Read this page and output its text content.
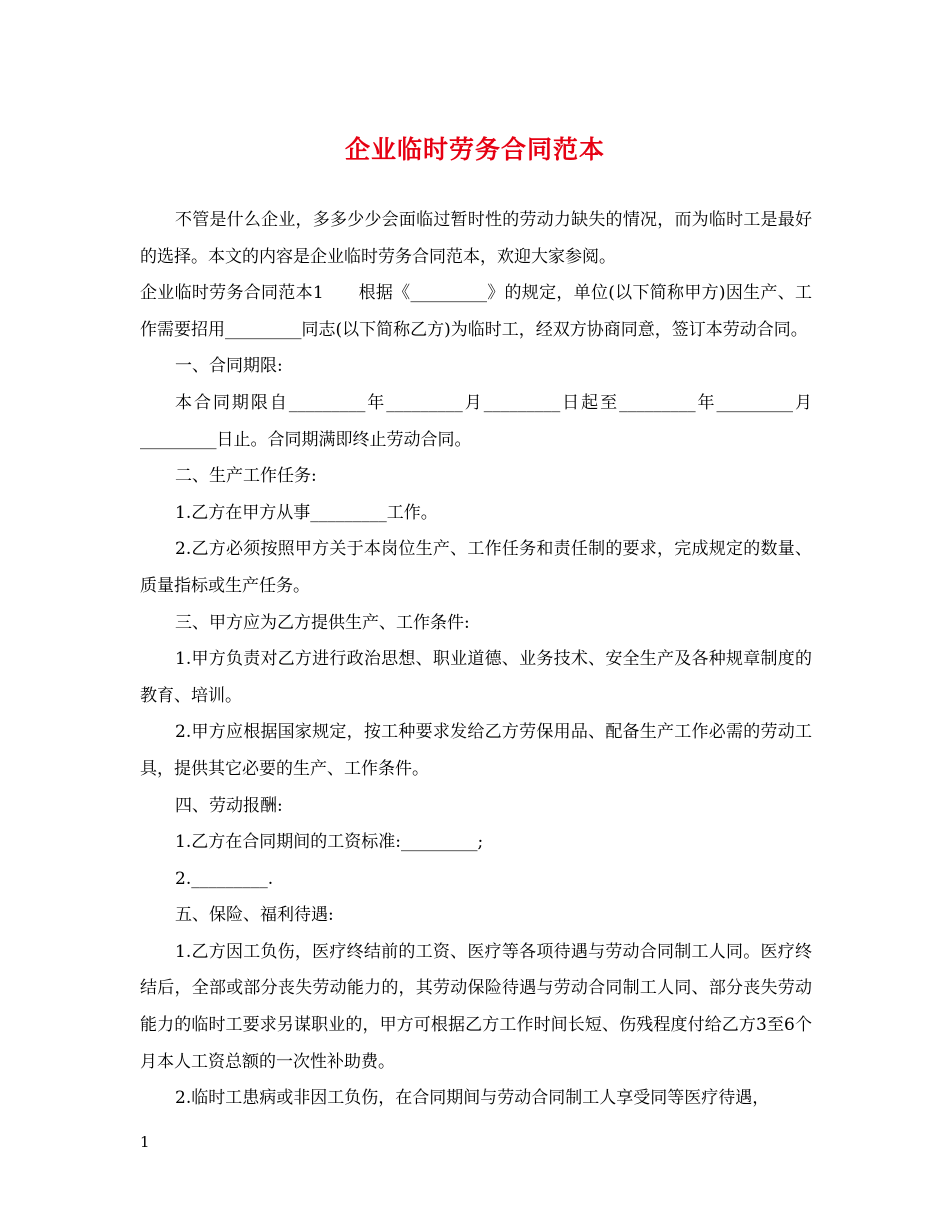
企业临时劳务合同范本

不管是什么企业，多多少少会面临过暂时性的劳动力缺失的情况，而为临时工是最好的选择。本文的内容是企业临时劳务合同范本，欢迎大家参阅。

企业临时劳务合同范本1　　根据《_________》的规定，单位(以下简称甲方)因生产、工作需要招用_________同志(以下简称乙方)为临时工，经双方协商同意，签订本劳动合同。

一、合同期限:

本合同期限自_________年_________月_________日起至_________年_________月_________日止。合同期满即终止劳动合同。

二、生产工作任务:

1.乙方在甲方从事_________工作。

2.乙方必须按照甲方关于本岗位生产、工作任务和责任制的要求，完成规定的数量、质量指标或生产任务。

三、甲方应为乙方提供生产、工作条件:

1.甲方负责对乙方进行政治思想、职业道德、业务技术、安全生产及各种规章制度的教育、培训。

2.甲方应根据国家规定，按工种要求发给乙方劳保用品、配备生产工作必需的劳动工具，提供其它必要的生产、工作条件。

四、劳动报酬:

1.乙方在合同期间的工资标准:_________;

2._________.

五、保险、福利待遇:

1.乙方因工负伤，医疗终结前的工资、医疗等各项待遇与劳动合同制工人同。医疗终结后，全部或部分丧失劳动能力的，其劳动保险待遇与劳动合同制工人同、部分丧失劳动能力的临时工要求另谋职业的，甲方可根据乙方工作时间长短、伤残程度付给乙方3至6个月本人工资总额的一次性补助费。

2.临时工患病或非因工负伤，在合同期间与劳动合同制工人享受同等医疗待遇，

1
